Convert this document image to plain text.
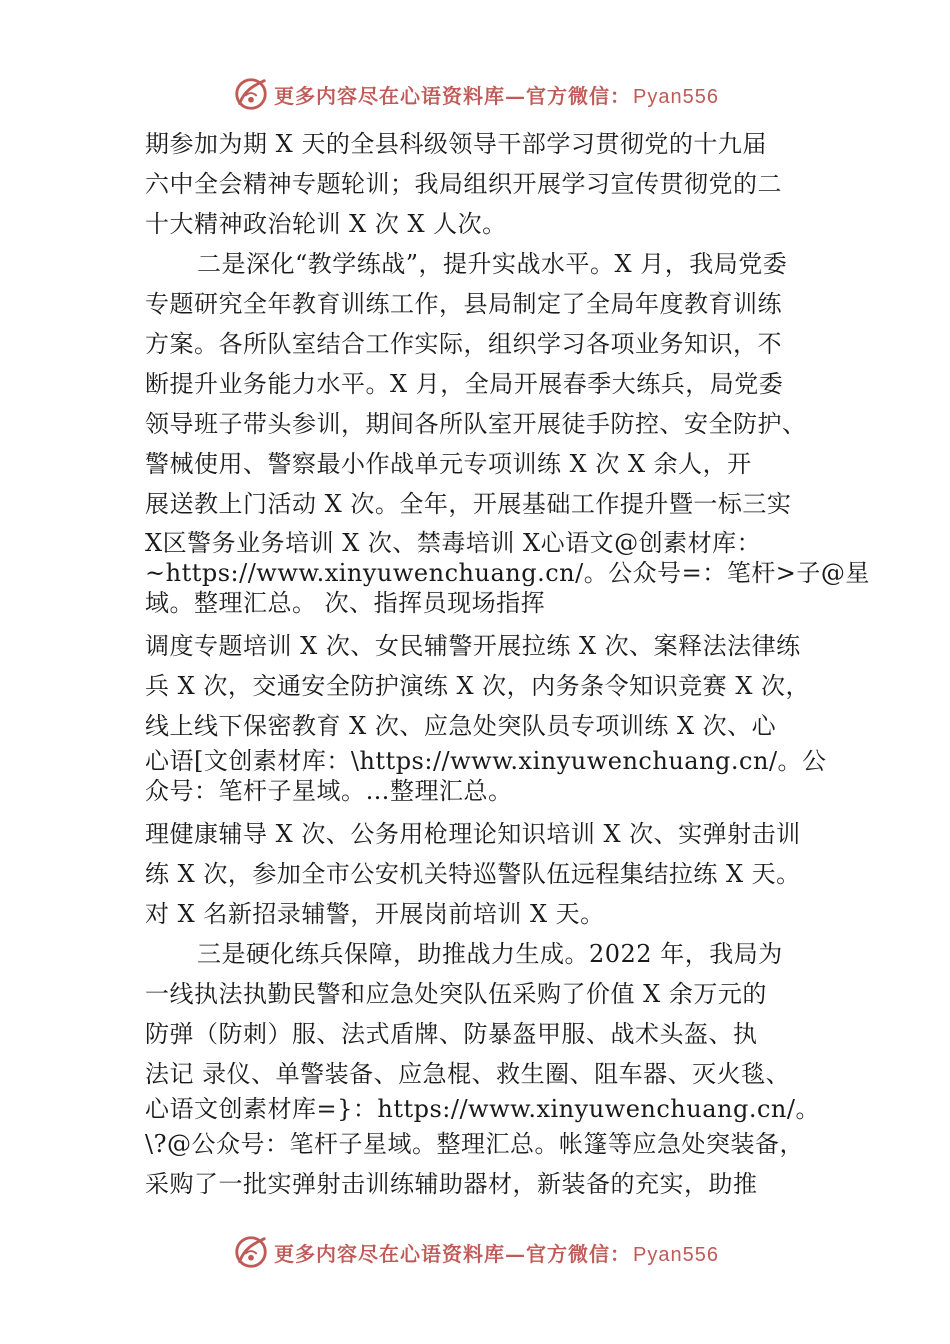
更多内容尽在心语资料库—官方微信： Pyan556
期参加为期 X 天的全县科级领导干部学习贯彻党的十九届
六中全会精神专题轮训；我局组织开展学习宣传贯彻党的二
十大精神政治轮训 X 次 X 人次。
二是深化“教学练战”，提升实战水平。X 月，我局党委
专题研究全年教育训练工作，县局制定了全局年度教育训练
方案。各所队室结合工作实际，组织学习各项业务知识，不
断提升业务能力水平。X 月，全局开展春季大练兵，局党委
领导班子带头参训，期间各所队室开展徒手防控、安全防护、
警械使用、警察最小作战单元专项训练 X 次 X 余人，开
展送教上门活动 X 次。全年，开展基础工作提升暨一标三实
X区警务业务培训 X 次、禁毒培训 X心语文@创素材库：
~https://www.xinyuwenchuang.cn/。公众号=：笔杆>子@星
域。整理汇总。 次、指挥员现场指挥
调度专题培训 X 次、女民辅警开展拉练 X 次、案释法法律练
兵 X 次，交通安全防护演练 X 次，内务条令知识竞赛 X 次，
线上线下保密教育 X 次、应急处突队员专项训练 X 次、心
心语[文创素材库：\https://www.xinyuwenchuang.cn/。公
众号：笔杆子星域。…整理汇总。
理健康辅导 X 次、公务用枪理论知识培训 X 次、实弹射击训
练 X 次，参加全市公安机关特巡警队伍远程集结拉练 X 天。
对 X 名新招录辅警，开展岗前培训 X 天。
三是硬化练兵保障，助推战力生成。2022 年，我局为
一线执法执勤民警和应急处突队伍采购了价值 X 余万元的
防弹（防刺）服、法式盾牌、防暴盔甲服、战术头盔、执
法记 录仪、单警装备、应急棍、救生圈、阻车器、灭火毯、
心语文创素材库=}：https://www.xinyuwenchuang.cn/。
\?@公众号：笔杆子星域。整理汇总。帐篷等应急处突装备，
采购了一批实弹射击训练辅助器材，新装备的充实，助推
更多内容尽在心语资料库—官方微信： Pyan556
